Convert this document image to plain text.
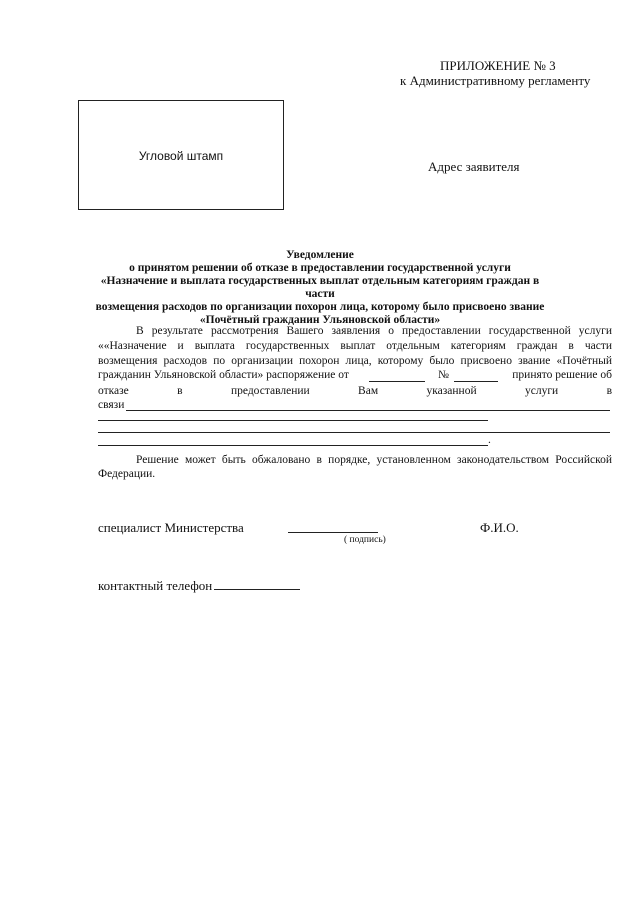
ПРИЛОЖЕНИЕ № 3
к Административному регламенту
Угловой штамп
Адрес заявителя
Уведомление
о принятом решении об отказе в предоставлении государственной услуги
«Назначение и выплата государственных выплат отдельным категориям граждан в части
возмещения расходов по организации похорон лица, которому было присвоено звание
«Почётный гражданин Ульяновской области»
В результате рассмотрения Вашего заявления о предоставлении государственной услуги
««Назначение и выплата государственных выплат отдельным категориям граждан в части
возмещения расходов по организации похорон лица, которому было присвоено звание «Почётный
гражданин Ульяновской области» распоряжение от	№	принято решение об
отказе в предоставлении Вам указанной услуги в
связи
.
Решение может быть обжаловано в порядке, установленном законодательством Российской
Федерации.
специалист Министерства
( подпись)
Ф.И.О.
контактный телефон
